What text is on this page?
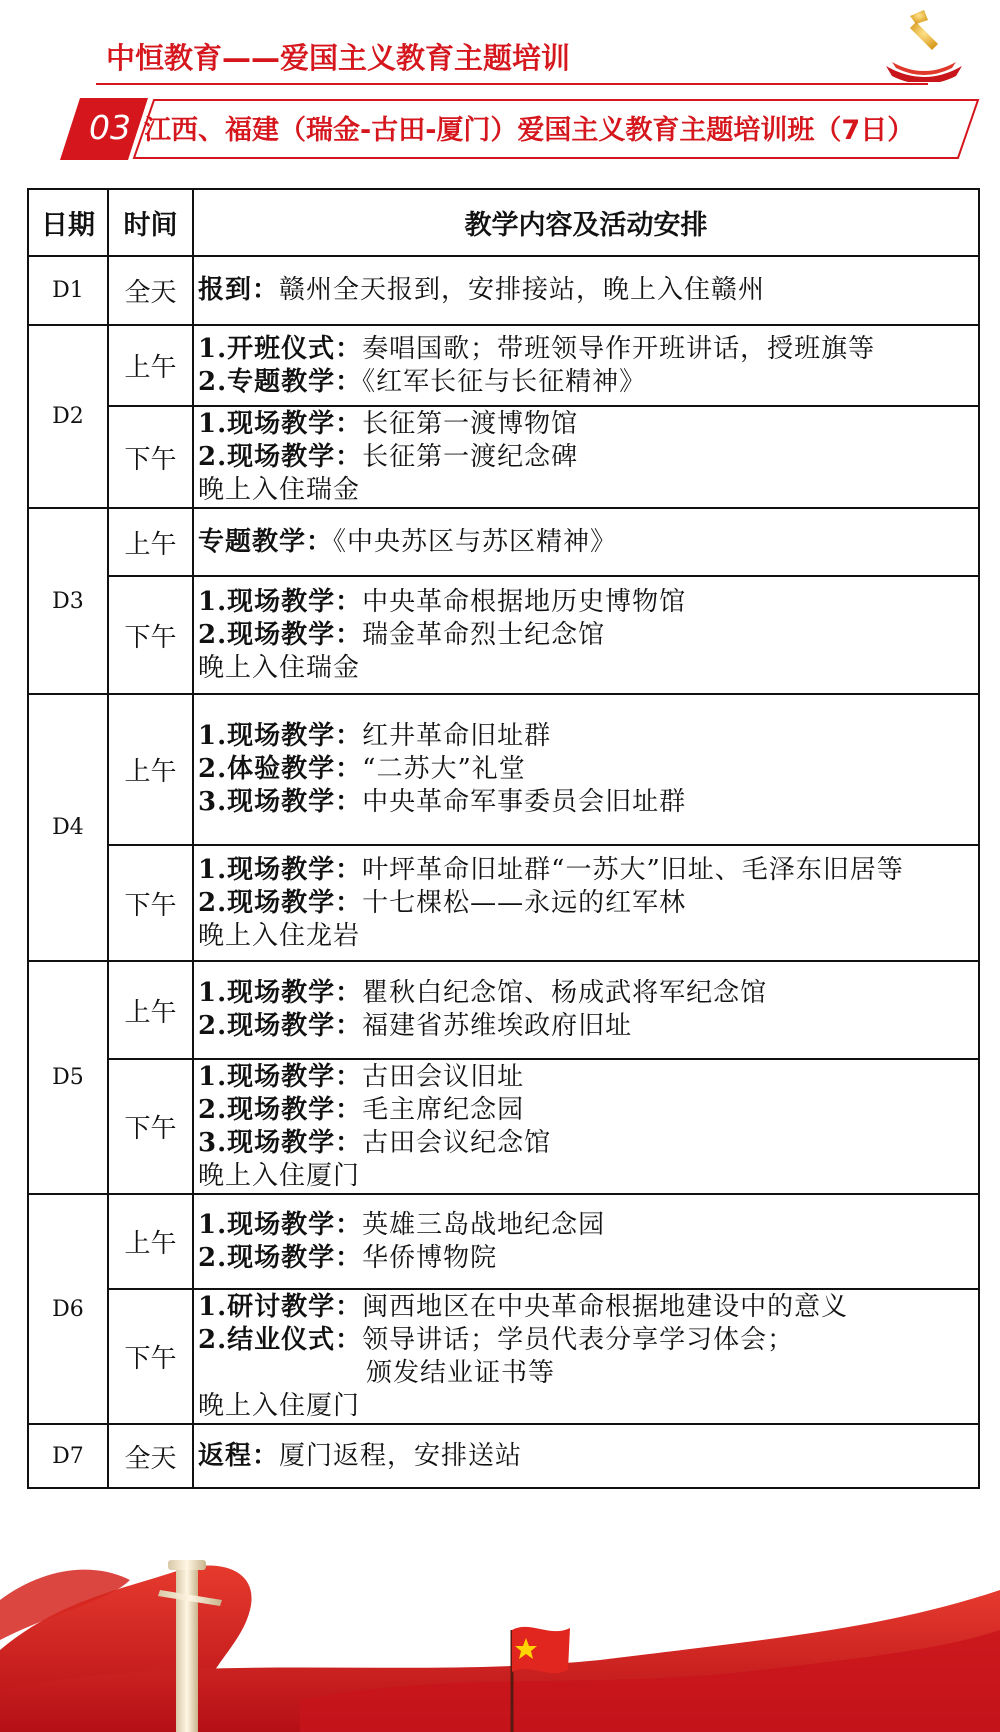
中恒教育——爱国主义教育主题培训
03 江西、福建（瑞金-古田-厦门）爱国主义教育主题培训班（7日）
日期	时间	教学内容及活动安排
D1	全天	报到：赣州全天报到，安排接站，晚上入住赣州

D2	上午	1.开班仪式：奏唱国歌；带班领导作开班讲话，授班旗等
2.专题教学：《红军长征与长征精神》

	下午	1.现场教学：长征第一渡博物馆
2.现场教学：长征第一渡纪念碑
晚上入住瑞金

D3	上午	专题教学：《中央苏区与苏区精神》

	下午	1.现场教学：中央革命根据地历史博物馆
2.现场教学：瑞金革命烈士纪念馆
晚上入住瑞金

D4	上午	1.现场教学：红井革命旧址群
2.体验教学：“二苏大”礼堂
3.现场教学：中央革命军事委员会旧址群

	下午	1.现场教学：叶坪革命旧址群“一苏大”旧址、毛泽东旧居等
2.现场教学：十七棵松——永远的红军林
晚上入住龙岩

D5	上午	1.现场教学：瞿秋白纪念馆、杨成武将军纪念馆
2.现场教学：福建省苏维埃政府旧址

	下午	1.现场教学：古田会议旧址
2.现场教学：毛主席纪念园
3.现场教学：古田会议纪念馆
晚上入住厦门

D6	上午	1.现场教学：英雄三岛战地纪念园
2.现场教学：华侨博物院

	下午	1.研讨教学：闽西地区在中央革命根据地建设中的意义
2.结业仪式：领导讲话；学员代表分享学习体会；
颁发结业证书等
晚上入住厦门

D7	全天	返程：厦门返程，安排送站
